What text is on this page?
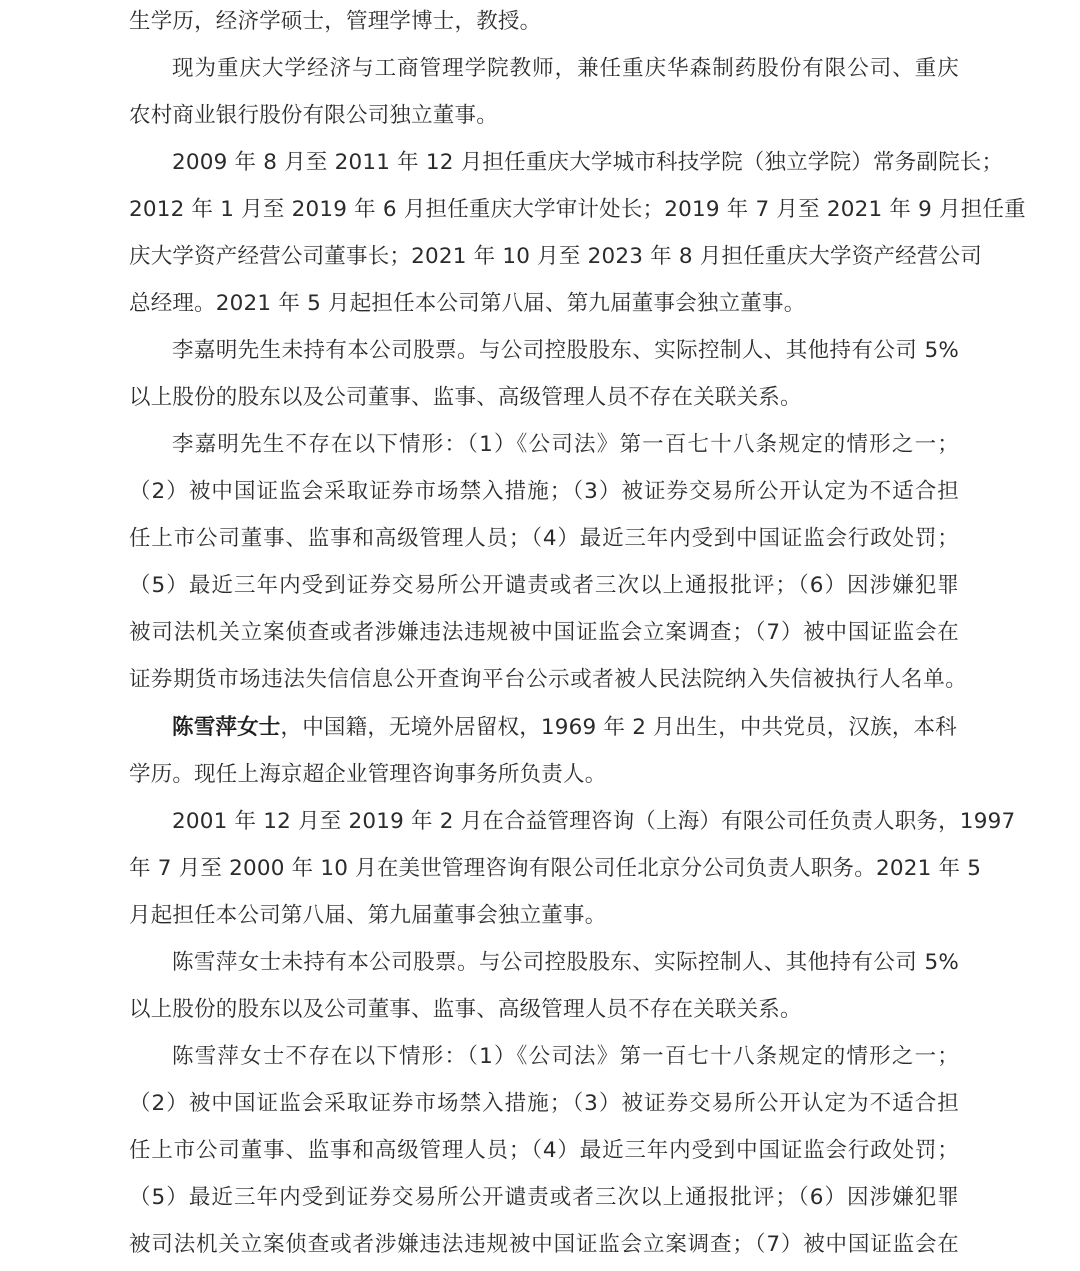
生学历，经济学硕士，管理学博士，教授。
现为重庆大学经济与工商管理学院教师，兼任重庆华森制药股份有限公司、重庆
农村商业银行股份有限公司独立董事。
2009 年 8 月至 2011 年 12 月担任重庆大学城市科技学院（独立学院）常务副院长；
2012 年 1 月至 2019 年 6 月担任重庆大学审计处长；2019 年 7 月至 2021 年 9 月担任重
庆大学资产经营公司董事长；2021 年 10 月至 2023 年 8 月担任重庆大学资产经营公司
总经理。2021 年 5 月起担任本公司第八届、第九届董事会独立董事。
李嘉明先生未持有本公司股票。与公司控股股东、实际控制人、其他持有公司 5%
以上股份的股东以及公司董事、监事、高级管理人员不存在关联关系。
李嘉明先生不存在以下情形：（1）《公司法》第一百七十八条规定的情形之一；
（2）被中国证监会采取证券市场禁入措施；（3）被证券交易所公开认定为不适合担
任上市公司董事、监事和高级管理人员；（4）最近三年内受到中国证监会行政处罚；
（5）最近三年内受到证券交易所公开谴责或者三次以上通报批评；（6）因涉嫌犯罪
被司法机关立案侦查或者涉嫌违法违规被中国证监会立案调查；（7）被中国证监会在
证券期货市场违法失信信息公开查询平台公示或者被人民法院纳入失信被执行人名单。
陈雪萍女士，中国籍，无境外居留权，1969 年 2 月出生，中共党员，汉族，本科
学历。现任上海京超企业管理咨询事务所负责人。
2001 年 12 月至 2019 年 2 月在合益管理咨询（上海）有限公司任负责人职务，1997
年 7 月至 2000 年 10 月在美世管理咨询有限公司任北京分公司负责人职务。2021 年 5
月起担任本公司第八届、第九届董事会独立董事。
陈雪萍女士未持有本公司股票。与公司控股股东、实际控制人、其他持有公司 5%
以上股份的股东以及公司董事、监事、高级管理人员不存在关联关系。
陈雪萍女士不存在以下情形：（1）《公司法》第一百七十八条规定的情形之一；
（2）被中国证监会采取证券市场禁入措施；（3）被证券交易所公开认定为不适合担
任上市公司董事、监事和高级管理人员；（4）最近三年内受到中国证监会行政处罚；
（5）最近三年内受到证券交易所公开谴责或者三次以上通报批评；（6）因涉嫌犯罪
被司法机关立案侦查或者涉嫌违法违规被中国证监会立案调查；（7）被中国证监会在
